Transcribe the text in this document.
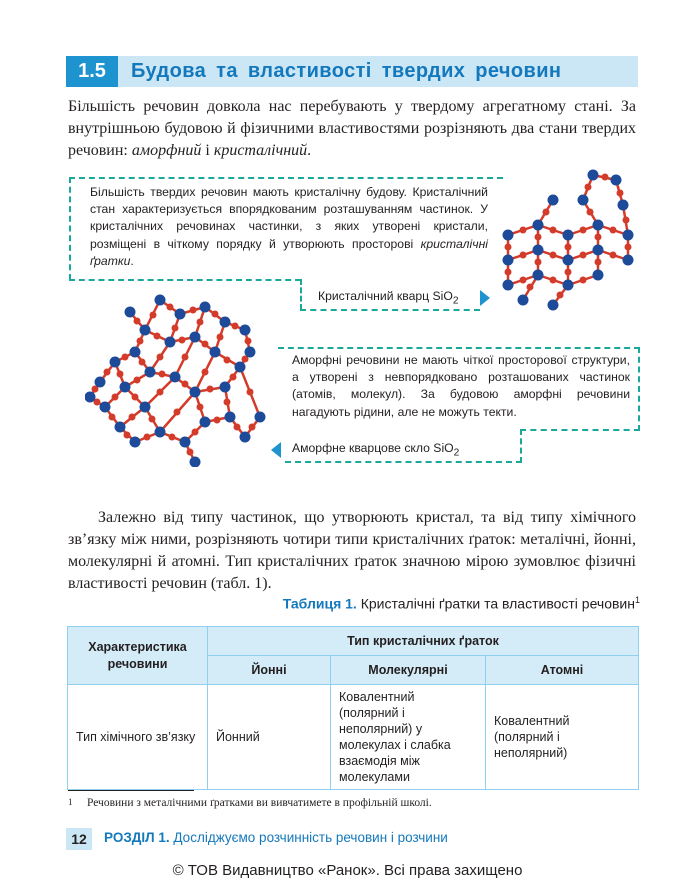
1.5	Будова та властивості твердих речовин

Більшість речовин довкола нас перебувають у твердому агрегатному стані. За внутрішньою будовою й фізичними властивостями розрізняють два стани твердих речовин: аморфний і кристалічний.

Більшість твердих речовин мають кристалічну будову. Кристалічний стан характеризується впорядкованим розташуванням частинок. У кристалічних речовинах частинки, з яких утворені кристали, розміщені в чіткому порядку й утворюють просторові кристалічні ґратки.

Кристалічний кварц SiO$_2$

Аморфні речовини не мають чіткої просторової структури, а утворені з невпорядковано розташованих частинок (атомів, молекул). За будовою аморфні речовини нагадують рідини, але не можуть текти.

Аморфне кварцове скло SiO$_2$

Залежно від типу частинок, що утворюють кристал, та від типу хімічного зв’язку між ними, розрізняють чотири типи кристалічних ґраток: металічні, йонні, молекулярні й атомні. Тип кристалічних ґраток значною мірою зумовлює фізичні властивості речовин (табл. 1).

Таблиця 1. Кристалічні ґратки та властивості речовин$^1$
Характеристика речовини	Тип кристалічних ґраток		
	Йонні	Молекулярні	Атомні
Тип хімічного зв’язку	Йонний	Ковалентний (полярний і неполярний) у молекулах і слабка взаємодія між молекулами	Ковалентний (полярний і неполярний)
1 Речовини з металічними ґратками ви вивчатимете в профільній школі.
12	РОЗДІЛ 1. Досліджуємо розчинність речовин і розчини
© ТОВ Видавництво «Ранок». Всі права захищено
